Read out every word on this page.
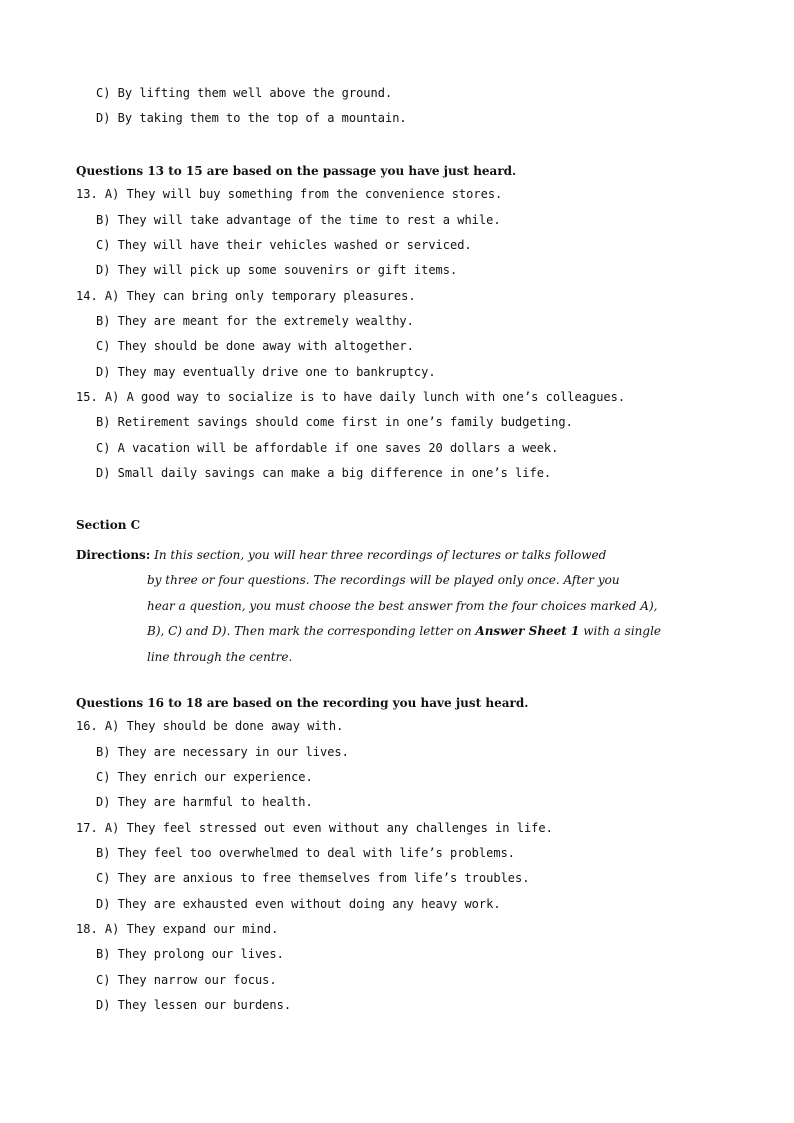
C) By lifting them well above the ground.
D) By taking them to the top of a mountain.
Questions 13 to 15 are based on the passage you have just heard.
13. A) They will buy something from the convenience stores.
B) They will take advantage of the time to rest a while.
C) They will have their vehicles washed or serviced.
D) They will pick up some souvenirs or gift items.
14. A) They can bring only temporary pleasures.
B) They are meant for the extremely wealthy.
C) They should be done away with altogether.
D) They may eventually drive one to bankruptcy.
15. A) A good way to socialize is to have daily lunch with one’s colleagues.
B) Retirement savings should come first in one’s family budgeting.
C) A vacation will be affordable if one saves 20 dollars a week.
D) Small daily savings can make a big difference in one’s life.
Section C
Directions: In this section, you will hear three recordings of lectures or talks followed
by three or four questions. The recordings will be played only once. After you
hear a question, you must choose the best answer from the four choices marked A),
B), C) and D). Then mark the corresponding letter on Answer Sheet 1 with a single
line through the centre.
Questions 16 to 18 are based on the recording you have just heard.
16. A) They should be done away with.
B) They are necessary in our lives.
C) They enrich our experience.
D) They are harmful to health.
17. A) They feel stressed out even without any challenges in life.
B) They feel too overwhelmed to deal with life’s problems.
C) They are anxious to free themselves from life’s troubles.
D) They are exhausted even without doing any heavy work.
18. A) They expand our mind.
B) They prolong our lives.
C) They narrow our focus.
D) They lessen our burdens.
